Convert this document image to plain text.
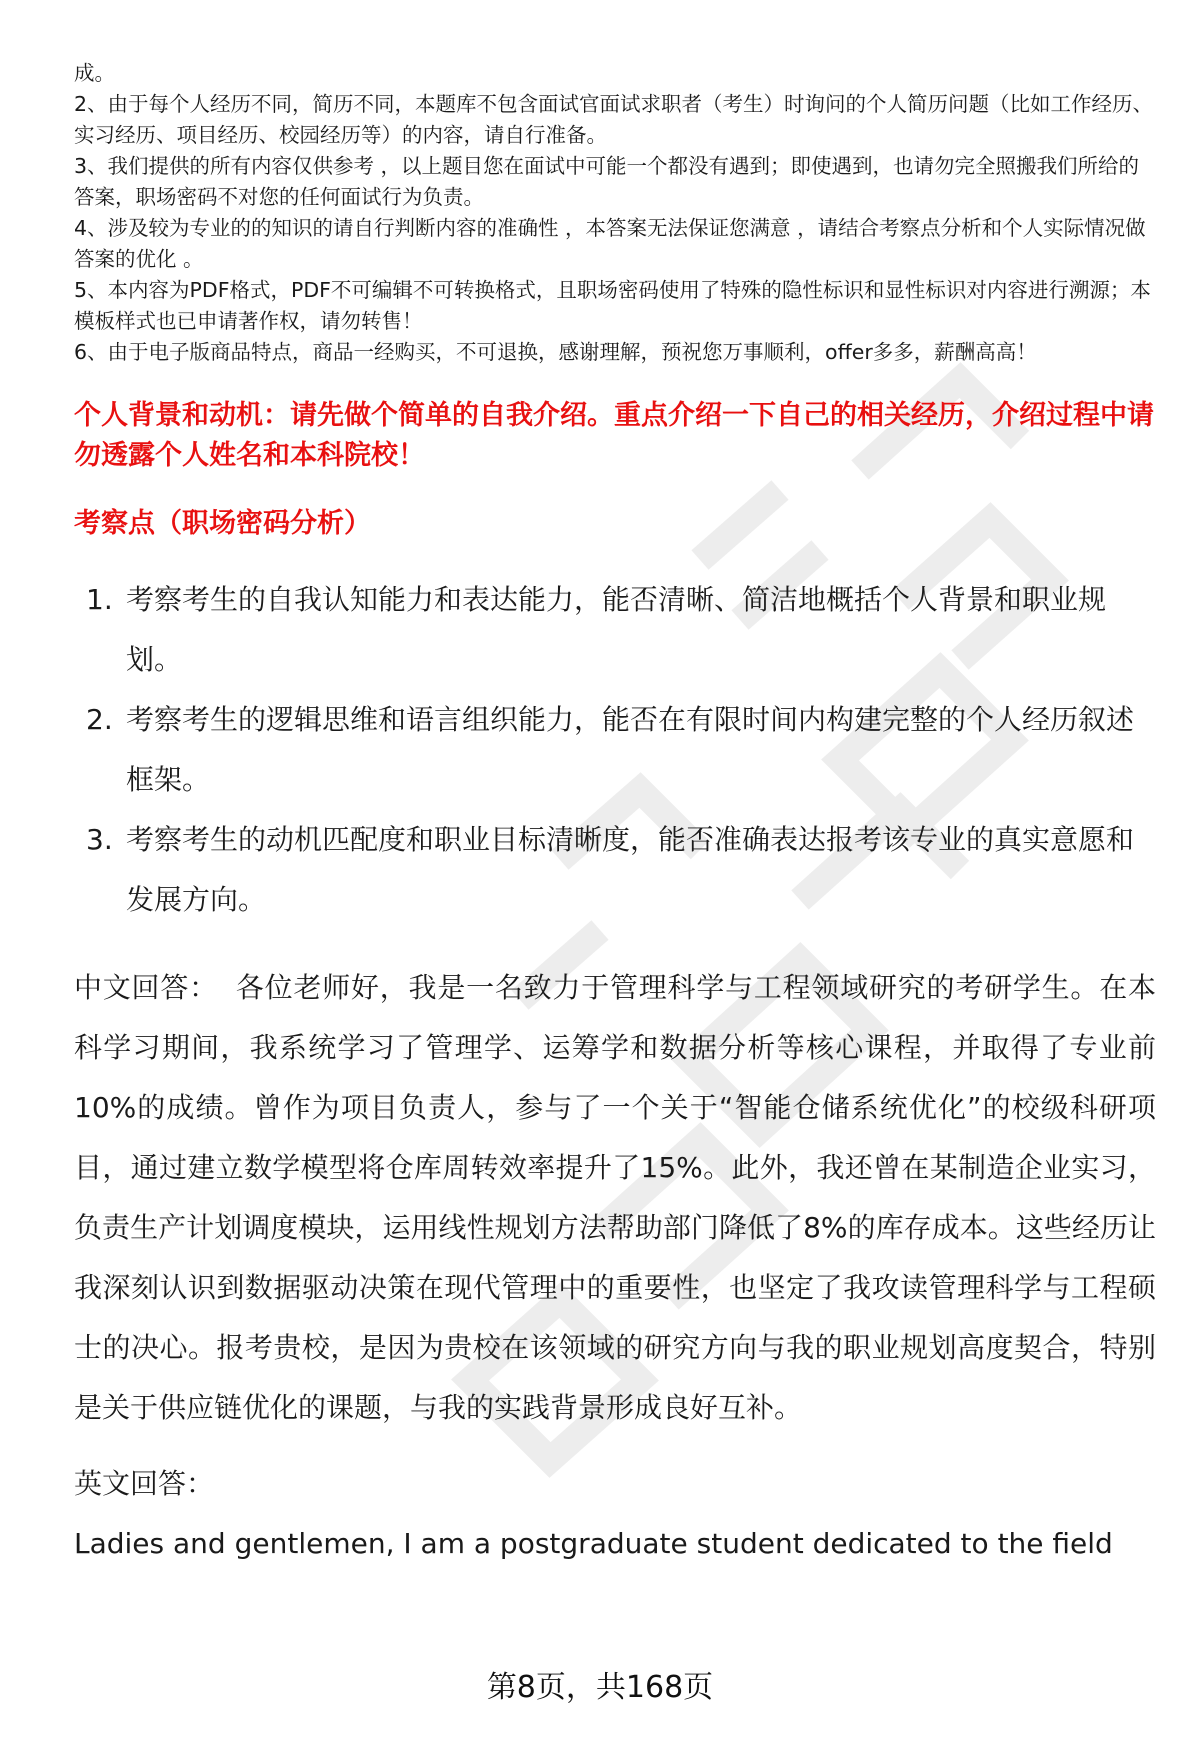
成。

2、由于每个人经历不同，简历不同，本题库不包含面试官面试求职者（考生）时询问的个人简历问题（比如工作经历、实习经历、项目经历、校园经历等）的内容，请自行准备。

3、我们提供的所有内容仅供参考 ，以上题目您在面试中可能一个都没有遇到；即使遇到，也请勿完全照搬我们所给的答案，职场密码不对您的任何面试行为负责。

4、涉及较为专业的的知识的请自行判断内容的准确性 ，本答案无法保证您满意 ，请结合考察点分析和个人实际情况做答案的优化 。

5、本内容为PDF格式，PDF不可编辑不可转换格式，且职场密码使用了特殊的隐性标识和显性标识对内容进行溯源；本模板样式也已申请著作权，请勿转售！

6、由于电子版商品特点，商品一经购买，不可退换，感谢理解，预祝您万事顺利，offer多多，薪酬高高！

个人背景和动机：请先做个简单的自我介绍。重点介绍一下自己的相关经历，介绍过程中请勿透露个人姓名和本科院校！
考察点（职场密码分析）
1. 考察考生的自我认知能力和表达能力，能否清晰、简洁地概括个人背景和职业规划。
2. 考察考生的逻辑思维和语言组织能力，能否在有限时间内构建完整的个人经历叙述框架。
3. 考察考生的动机匹配度和职业目标清晰度，能否准确表达报考该专业的真实意愿和发展方向。
中文回答： 各位老师好，我是一名致力于管理科学与工程领域研究的考研学生。在本科学习期间，我系统学习了管理学、运筹学和数据分析等核心课程，并取得了专业前10%的成绩。曾作为项目负责人，参与了一个关于“智能仓储系统优化”的校级科研项目，通过建立数学模型将仓库周转效率提升了15%。此外，我还曾在某制造企业实习，负责生产计划调度模块，运用线性规划方法帮助部门降低了8%的库存成本。这些经历让我深刻认识到数据驱动决策在现代管理中的重要性，也坚定了我攻读管理科学与工程硕士的决心。报考贵校，是因为贵校在该领域的研究方向与我的职业规划高度契合，特别是关于供应链优化的课题，与我的实践背景形成良好互补。
英文回答：
Ladies and gentlemen, I am a postgraduate student dedicated to the field
第8页，共168页
